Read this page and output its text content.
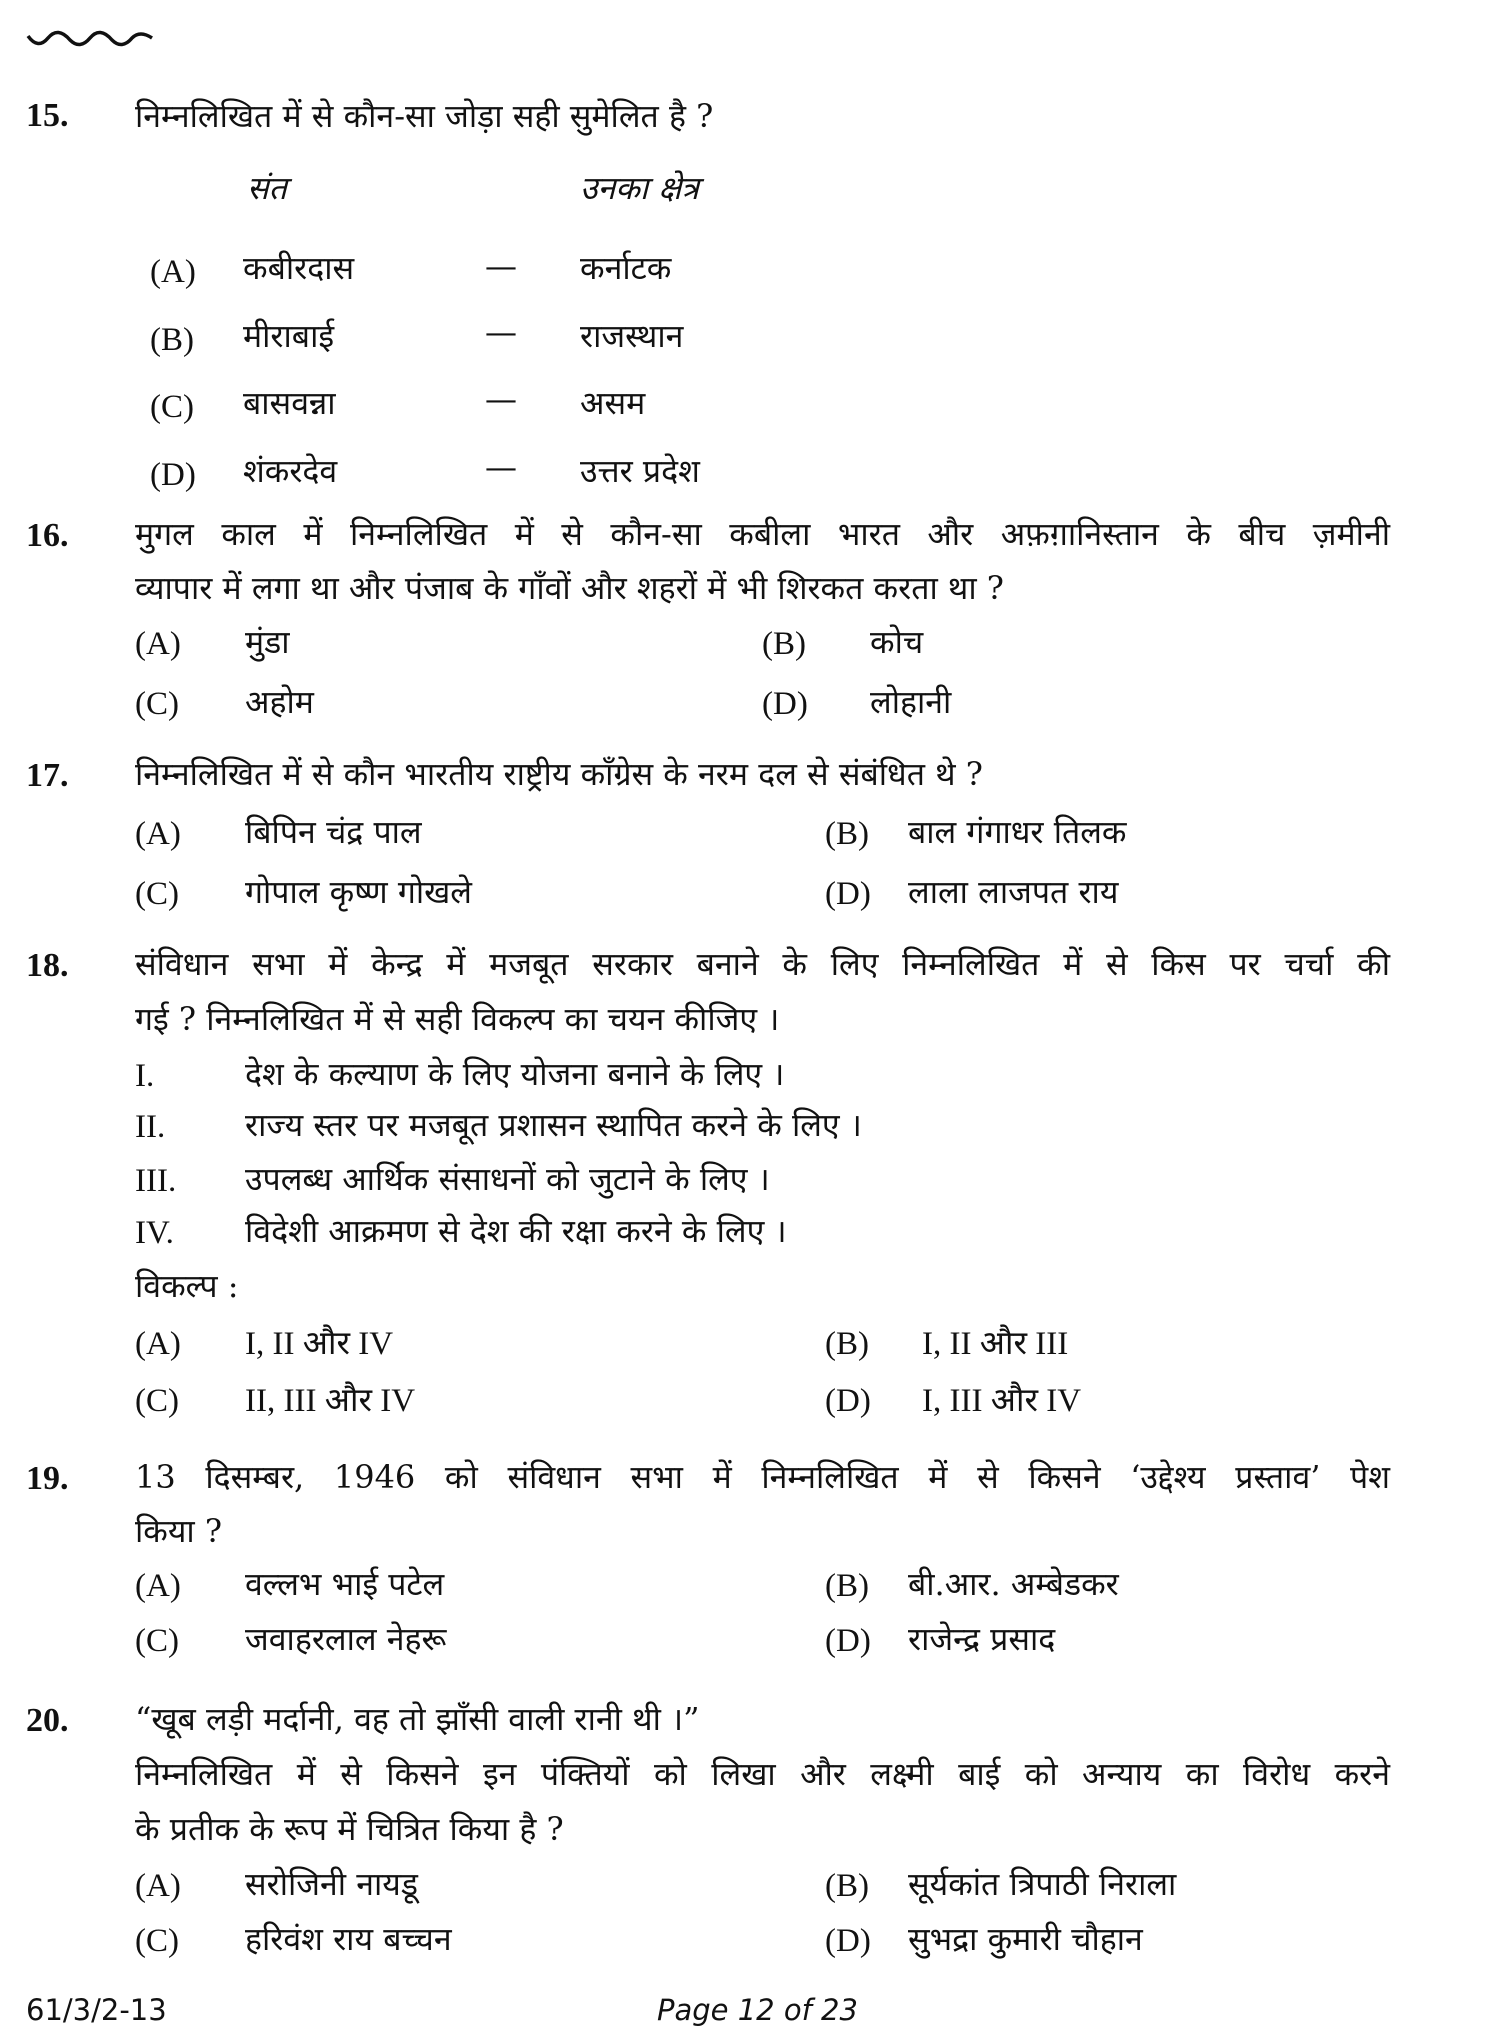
15. निम्नलिखित में से कौन-सा जोड़ा सही सुमेलित है ?
संत	उनका क्षेत्र
(A) कबीरदास	— कर्नाटक
(B) मीराबाई	— राजस्थान
(C) बासवन्ना	— असम
(D) शंकरदेव	— उत्तर प्रदेश
16. मुगल काल में निम्नलिखित में से कौन-सा कबीला भारत और अफ़ग़ानिस्तान के बीच ज़मीनी
व्यापार में लगा था और पंजाब के गाँवों और शहरों में भी शिरकत करता था ?
(A) मुंडा	(B) कोच
(C) अहोम	(D) लोहानी
17. निम्नलिखित में से कौन भारतीय राष्ट्रीय काँग्रेस के नरम दल से संबंधित थे ?
(A) बिपिन चंद्र पाल	(B) बाल गंगाधर तिलक
(C) गोपाल कृष्ण गोखले	(D) लाला लाजपत राय
18. संविधान सभा में केन्द्र में मजबूत सरकार बनाने के लिए निम्नलिखित में से किस पर चर्चा की
गई ? निम्नलिखित में से सही विकल्प का चयन कीजिए ।
I.	देश के कल्याण के लिए योजना बनाने के लिए ।
II. राज्य स्तर पर मजबूत प्रशासन स्थापित करने के लिए ।
III. उपलब्ध आर्थिक संसाधनों को जुटाने के लिए ।
IV. विदेशी आक्रमण से देश की रक्षा करने के लिए ।
विकल्प :
(A) I, II और IV	(B) I, II और III
(C) II, III और IV	(D) I, III और IV
19. 13 दिसम्बर, 1946 को संविधान सभा में निम्नलिखित में से किसने ‘उद्देश्य प्रस्ताव’ पेश
किया ?
(A) वल्लभ भाई पटेल	(B) बी.आर. अम्बेडकर
(C) जवाहरलाल नेहरू	(D) राजेन्द्र प्रसाद
20. “खूब लड़ी मर्दानी, वह तो झाँसी वाली रानी थी ।”
निम्नलिखित में से किसने इन पंक्तियों को लिखा और लक्ष्मी बाई को अन्याय का विरोध करने
के प्रतीक के रूप में चित्रित किया है ?
(A) सरोजिनी नायडू	(B) सूर्यकांत त्रिपाठी निराला
(C) हरिवंश राय बच्चन	(D) सुभद्रा कुमारी चौहान
61/3/2-13	Page 12 of 23
